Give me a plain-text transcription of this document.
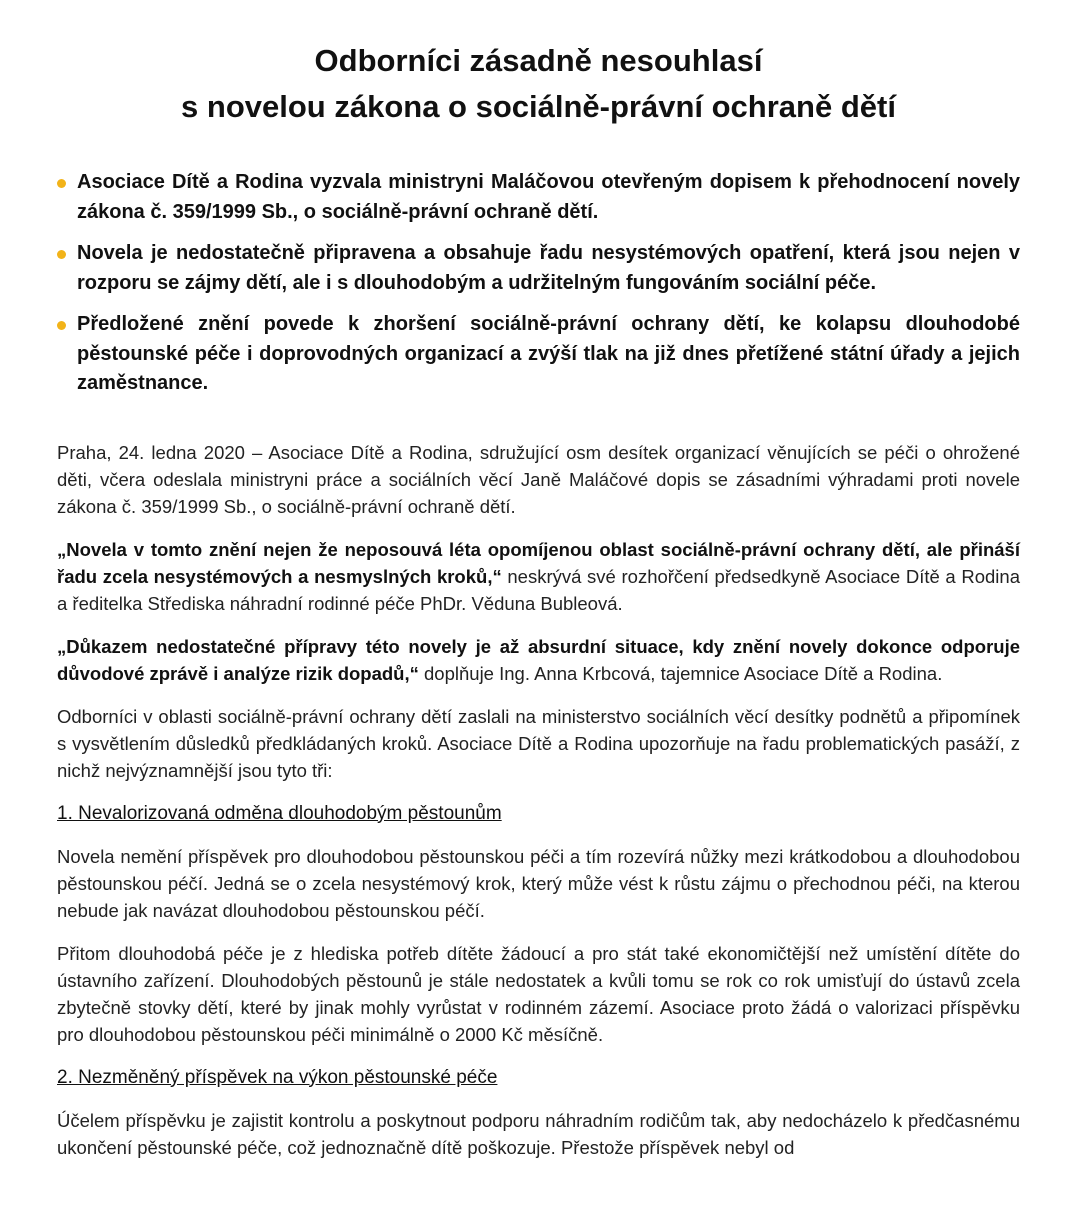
Odborníci zásadně nesouhlasí
s novelou zákona o sociálně-právní ochraně dětí
Asociace Dítě a Rodina vyzvala ministryni Maláčovou otevřeným dopisem k přehodnocení novely zákona č. 359/1999 Sb., o sociálně-právní ochraně dětí.
Novela je nedostatečně připravena a obsahuje řadu nesystémových opatření, která jsou nejen v rozporu se zájmy dětí, ale i s dlouhodobým a udržitelným fungováním sociální péče.
Předložené znění povede k zhoršení sociálně-právní ochrany dětí, ke kolapsu dlouhodobé pěstounské péče i doprovodných organizací a zvýší tlak na již dnes přetížené státní úřady a jejich zaměstnance.

Praha, 24. ledna 2020 – Asociace Dítě a Rodina, sdružující osm desítek organizací věnujících se péči o ohrožené děti, včera odeslala ministryni práce a sociálních věcí Janě Maláčové dopis se zásadními výhradami proti novele zákona č. 359/1999 Sb., o sociálně-právní ochraně dětí.

„Novela v tomto znění nejen že neposouvá léta opomíjenou oblast sociálně-právní ochrany dětí, ale přináší řadu zcela nesystémových a nesmyslných kroků,“ neskrývá své rozhořčení předsedkyně Asociace Dítě a Rodina a ředitelka Střediska náhradní rodinné péče PhDr. Věduna Bubleová.

„Důkazem nedostatečné přípravy této novely je až absurdní situace, kdy znění novely dokonce odporuje důvodové zprávě i analýze rizik dopadů,“ doplňuje Ing. Anna Krbcová, tajemnice Asociace Dítě a Rodina.

Odborníci v oblasti sociálně-právní ochrany dětí zaslali na ministerstvo sociálních věcí desítky podnětů a připomínek s vysvětlením důsledků předkládaných kroků. Asociace Dítě a Rodina upozorňuje na řadu problematických pasáží, z nichž nejvýznamnější jsou tyto tři:

1. Nevalorizovaná odměna dlouhodobým pěstounům

Novela nemění příspěvek pro dlouhodobou pěstounskou péči a tím rozevírá nůžky mezi krátkodobou a dlouhodobou pěstounskou péčí. Jedná se o zcela nesystémový krok, který může vést k růstu zájmu o přechodnou péči, na kterou nebude jak navázat dlouhodobou pěstounskou péčí.

Přitom dlouhodobá péče je z hlediska potřeb dítěte žádoucí a pro stát také ekonomičtější než umístění dítěte do ústavního zařízení. Dlouhodobých pěstounů je stále nedostatek a kvůli tomu se rok co rok umisťují do ústavů zcela zbytečně stovky dětí, které by jinak mohly vyrůstat v rodinném zázemí. Asociace proto žádá o valorizaci příspěvku pro dlouhodobou pěstounskou péči minimálně o 2000 Kč měsíčně.

2. Nezměněný příspěvek na výkon pěstounské péče

Účelem příspěvku je zajistit kontrolu a poskytnout podporu náhradním rodičům tak, aby nedocházelo k předčasnému ukončení pěstounské péče, což jednoznačně dítě poškozuje. Přestože příspěvek nebyl od
